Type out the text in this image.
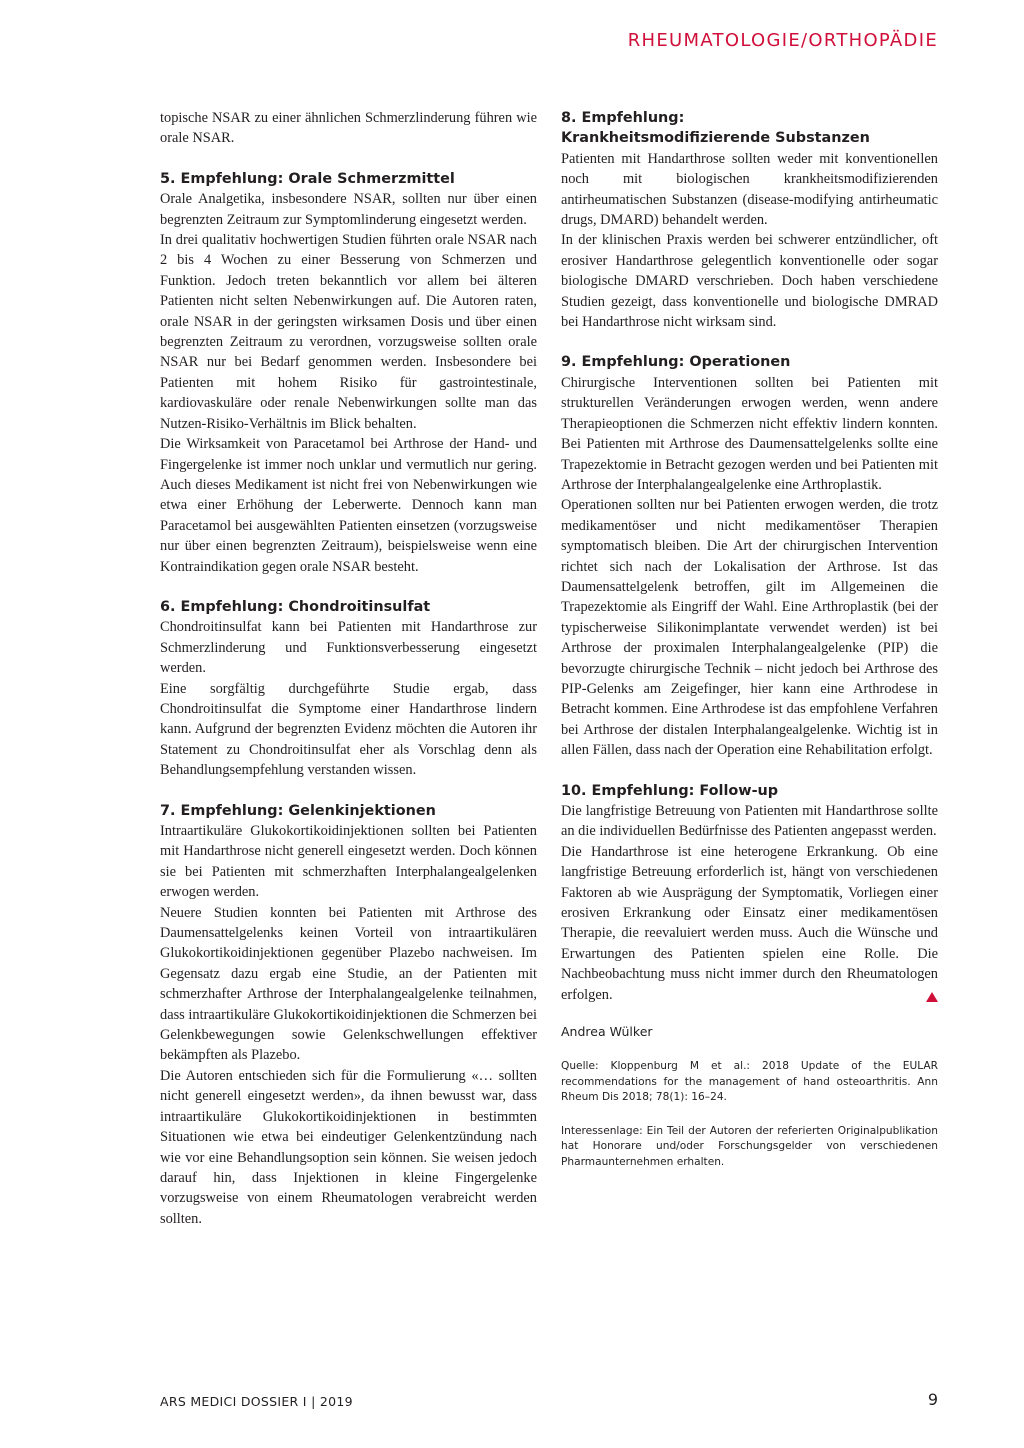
RHEUMATOLOGIE/ORTHOPÄDIE

topische NSAR zu einer ähnlichen Schmerzlinderung führen wie orale NSAR.

5. Empfehlung: Orale Schmerzmittel

Orale Analgetika, insbesondere NSAR, sollten nur über einen begrenzten Zeitraum zur Symptomlinderung eingesetzt werden.

In drei qualitativ hochwertigen Studien führten orale NSAR nach 2 bis 4 Wochen zu einer Besserung von Schmerzen und Funktion. Jedoch treten bekanntlich vor allem bei älteren Patienten nicht selten Nebenwirkungen auf. Die Autoren raten, orale NSAR in der geringsten wirksamen Dosis und über einen begrenzten Zeitraum zu verordnen, vorzugsweise sollten orale NSAR nur bei Bedarf genommen werden. Insbesondere bei Patienten mit hohem Risiko für gastrointestinale, kardiovaskuläre oder renale Nebenwirkungen sollte man das Nutzen-Risiko-Verhältnis im Blick behalten.

Die Wirksamkeit von Paracetamol bei Arthrose der Hand- und Fingergelenke ist immer noch unklar und vermutlich nur gering. Auch dieses Medikament ist nicht frei von Nebenwirkungen wie etwa einer Erhöhung der Leberwerte. Dennoch kann man Paracetamol bei ausgewählten Patienten einsetzen (vorzugsweise nur über einen begrenzten Zeitraum), beispielsweise wenn eine Kontraindikation gegen orale NSAR besteht.

6. Empfehlung: Chondroitinsulfat

Chondroitinsulfat kann bei Patienten mit Handarthrose zur Schmerzlinderung und Funktionsverbesserung eingesetzt werden.

Eine sorgfältig durchgeführte Studie ergab, dass Chondroitinsulfat die Symptome einer Handarthrose lindern kann. Aufgrund der begrenzten Evidenz möchten die Autoren ihr Statement zu Chondroitinsulfat eher als Vorschlag denn als Behandlungsempfehlung verstanden wissen.

7. Empfehlung: Gelenkinjektionen

Intraartikuläre Glukokortikoidinjektionen sollten bei Patienten mit Handarthrose nicht generell eingesetzt werden. Doch können sie bei Patienten mit schmerzhaften Interphalangealgelenken erwogen werden.

Neuere Studien konnten bei Patienten mit Arthrose des Daumensattelgelenks keinen Vorteil von intraartikulären Glukokortikoidinjektionen gegenüber Plazebo nachweisen. Im Gegensatz dazu ergab eine Studie, an der Patienten mit schmerzhafter Arthrose der Interphalangealgelenke teilnahmen, dass intraartikuläre Glukokortikoidinjektionen die Schmerzen bei Gelenkbewegungen sowie Gelenkschwellungen effektiver bekämpften als Plazebo.

Die Autoren entschieden sich für die Formulierung «… sollten nicht generell eingesetzt werden», da ihnen bewusst war, dass intraartikuläre Glukokortikoidinjektionen in bestimmten Situationen wie etwa bei eindeutiger Gelenkentzündung nach wie vor eine Behandlungsoption sein können. Sie weisen jedoch darauf hin, dass Injektionen in kleine Fingergelenke vorzugsweise von einem Rheumatologen verabreicht werden sollten.

8. Empfehlung:
Krankheitsmodifizierende Substanzen

Patienten mit Handarthrose sollten weder mit konventionellen noch mit biologischen krankheitsmodifizierenden antirheumatischen Substanzen (disease-modifying antirheumatic drugs, DMARD) behandelt werden.

In der klinischen Praxis werden bei schwerer entzündlicher, oft erosiver Handarthrose gelegentlich konventionelle oder sogar biologische DMARD verschrieben. Doch haben verschiedene Studien gezeigt, dass konventionelle und biologische DMRAD bei Handarthrose nicht wirksam sind.

9. Empfehlung: Operationen

Chirurgische Interventionen sollten bei Patienten mit strukturellen Veränderungen erwogen werden, wenn andere Therapieoptionen die Schmerzen nicht effektiv lindern konnten. Bei Patienten mit Arthrose des Daumensattelgelenks sollte eine Trapezektomie in Betracht gezogen werden und bei Patienten mit Arthrose der Interphalangealgelenke eine Arthroplastik.

Operationen sollten nur bei Patienten erwogen werden, die trotz medikamentöser und nicht medikamentöser Therapien symptomatisch bleiben. Die Art der chirurgischen Intervention richtet sich nach der Lokalisation der Arthrose. Ist das Daumensattelgelenk betroffen, gilt im Allgemeinen die Trapezektomie als Eingriff der Wahl. Eine Arthroplastik (bei der typischerweise Silikonimplantate verwendet werden) ist bei Arthrose der proximalen Interphalangealgelenke (PIP) die bevorzugte chirurgische Technik – nicht jedoch bei Arthrose des PIP-Gelenks am Zeigefinger, hier kann eine Arthrodese in Betracht kommen. Eine Arthrodese ist das empfohlene Verfahren bei Arthrose der distalen Interphalangealgelenke. Wichtig ist in allen Fällen, dass nach der Operation eine Rehabilitation erfolgt.

10. Empfehlung: Follow-up

Die langfristige Betreuung von Patienten mit Handarthrose sollte an die individuellen Bedürfnisse des Patienten angepasst werden.

Die Handarthrose ist eine heterogene Erkrankung. Ob eine langfristige Betreuung erforderlich ist, hängt von verschiedenen Faktoren ab wie Ausprägung der Symptomatik, Vorliegen einer erosiven Erkrankung oder Einsatz einer medikamentösen Therapie, die reevaluiert werden muss. Auch die Wünsche und Erwartungen des Patienten spielen eine Rolle. Die Nachbeobachtung muss nicht immer durch den Rheumatologen erfolgen.

Andrea Wülker

Quelle: Kloppenburg M et al.: 2018 Update of the EULAR recommendations for the management of hand osteoarthritis. Ann Rheum Dis 2018; 78(1): 16–24.

Interessenlage: Ein Teil der Autoren der referierten Originalpublikation hat Honorare und/oder Forschungsgelder von verschiedenen Pharmaunternehmen erhalten.

ARS MEDICI DOSSIER I | 2019	9
